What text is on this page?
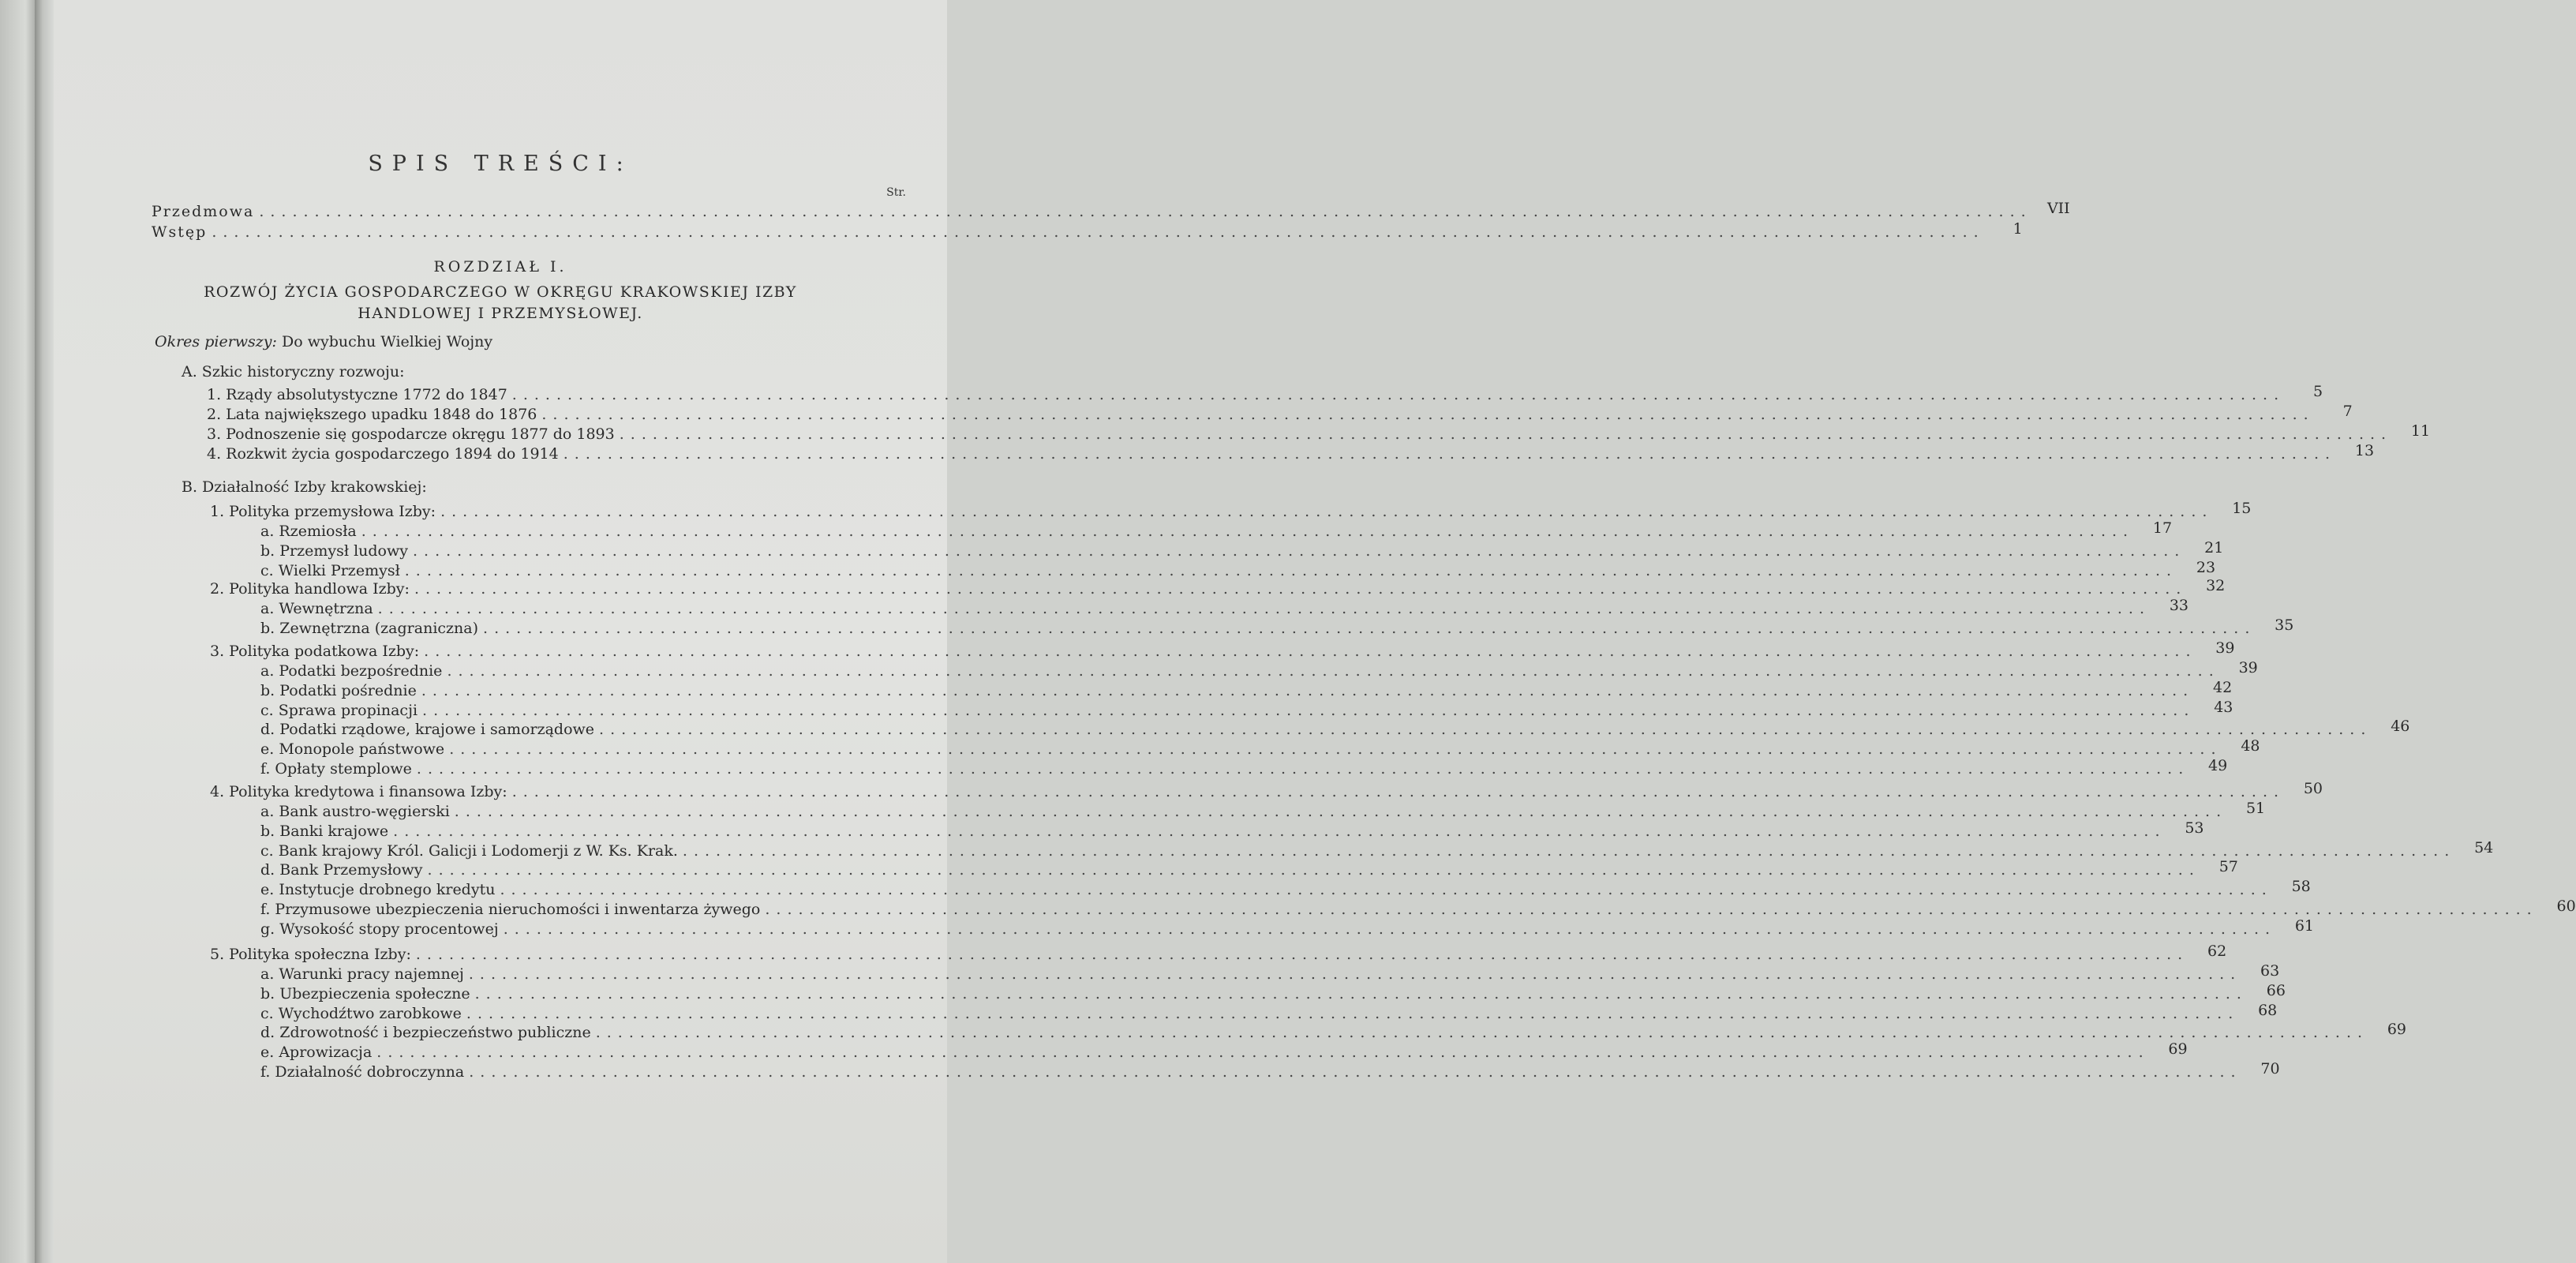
SPIS TREŚCI:
Str.
Przedmowa ................................................................................................................................................................	VII
Wstęp ................................................................................................................................................................	1
ROZDZIAŁ I.
ROZWÓJ ŻYCIA GOSPODARCZEGO W OKRĘGU KRAKOWSKIEJ IZBY
HANDLOWEJ I PRZEMYSŁOWEJ.
Okres pierwszy: Do wybuchu Wielkiej Wojny
A. Szkic historyczny rozwoju:
1. Rządy absolutystyczne 1772 do 1847 ................................................................................................................................................................	5
2. Lata największego upadku 1848 do 1876 ................................................................................................................................................................	7
3. Podnoszenie się gospodarcze okręgu 1877 do 1893 ................................................................................................................................................................	11
4. Rozkwit życia gospodarczego 1894 do 1914 ................................................................................................................................................................	13
B. Działalność Izby krakowskiej:
1. Polityka przemysłowa Izby: ................................................................................................................................................................	15
a. Rzemiosła ................................................................................................................................................................	17
b. Przemysł ludowy ................................................................................................................................................................	21
c. Wielki Przemysł ................................................................................................................................................................	23
2. Polityka handlowa Izby: ................................................................................................................................................................	32
a. Wewnętrzna ................................................................................................................................................................	33
b. Zewnętrzna (zagraniczna) ................................................................................................................................................................	35
3. Polityka podatkowa Izby: ................................................................................................................................................................	39
a. Podatki bezpośrednie ................................................................................................................................................................	39
b. Podatki pośrednie ................................................................................................................................................................	42
c. Sprawa propinacji ................................................................................................................................................................	43
d. Podatki rządowe, krajowe i samorządowe ................................................................................................................................................................	46
e. Monopole państwowe ................................................................................................................................................................	48
f. Opłaty stemplowe ................................................................................................................................................................	49
4. Polityka kredytowa i finansowa Izby: ................................................................................................................................................................	50
a. Bank austro-węgierski ................................................................................................................................................................	51
b. Banki krajowe ................................................................................................................................................................	53
c. Bank krajowy Król. Galicji i Lodomerji z W. Ks. Krak. ................................................................................................................................................................	54
d. Bank Przemysłowy ................................................................................................................................................................	57
e. Instytucje drobnego kredytu ................................................................................................................................................................	58
f. Przymusowe ubezpieczenia nieruchomości i inwentarza żywego ................................................................................................................................................................	60
g. Wysokość stopy procentowej ................................................................................................................................................................	61
5. Polityka społeczna Izby: ................................................................................................................................................................	62
a. Warunki pracy najemnej ................................................................................................................................................................	63
b. Ubezpieczenia społeczne ................................................................................................................................................................	66
c. Wychodźtwo zarobkowe ................................................................................................................................................................	68
d. Zdrowotność i bezpieczeństwo publiczne ................................................................................................................................................................	69
e. Aprowizacja ................................................................................................................................................................	69
f. Działalność dobroczynna ................................................................................................................................................................	70
